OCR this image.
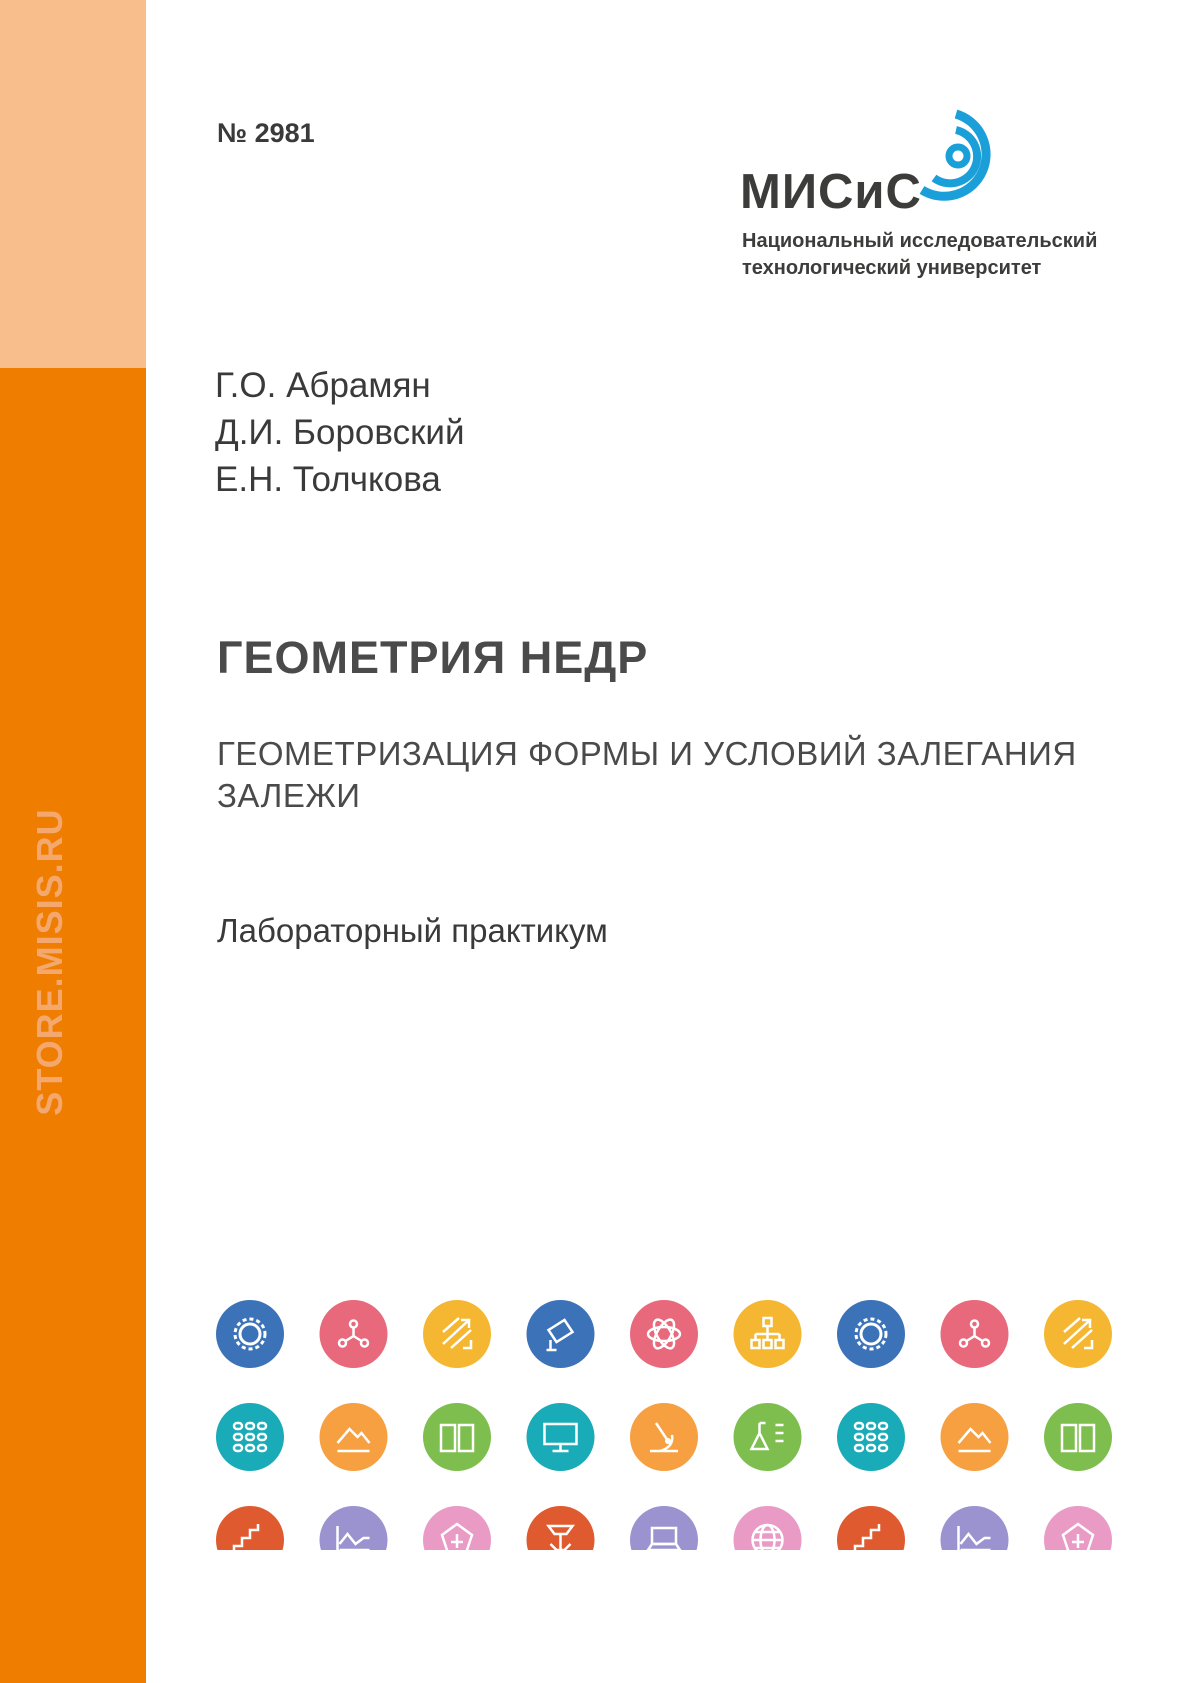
STORE.MISIS.RU
№ 2981
МИСиС
Национальный исследовательский
технологический университет
Г.О. Абрамян
Д.И. Боровский
Е.Н. Толчкова
ГЕОМЕТРИЯ НЕДР
ГЕОМЕТРИЗАЦИЯ ФОРМЫ И УСЛОВИЙ ЗАЛЕГАНИЯ
ЗАЛЕЖИ
Лабораторный практикум
